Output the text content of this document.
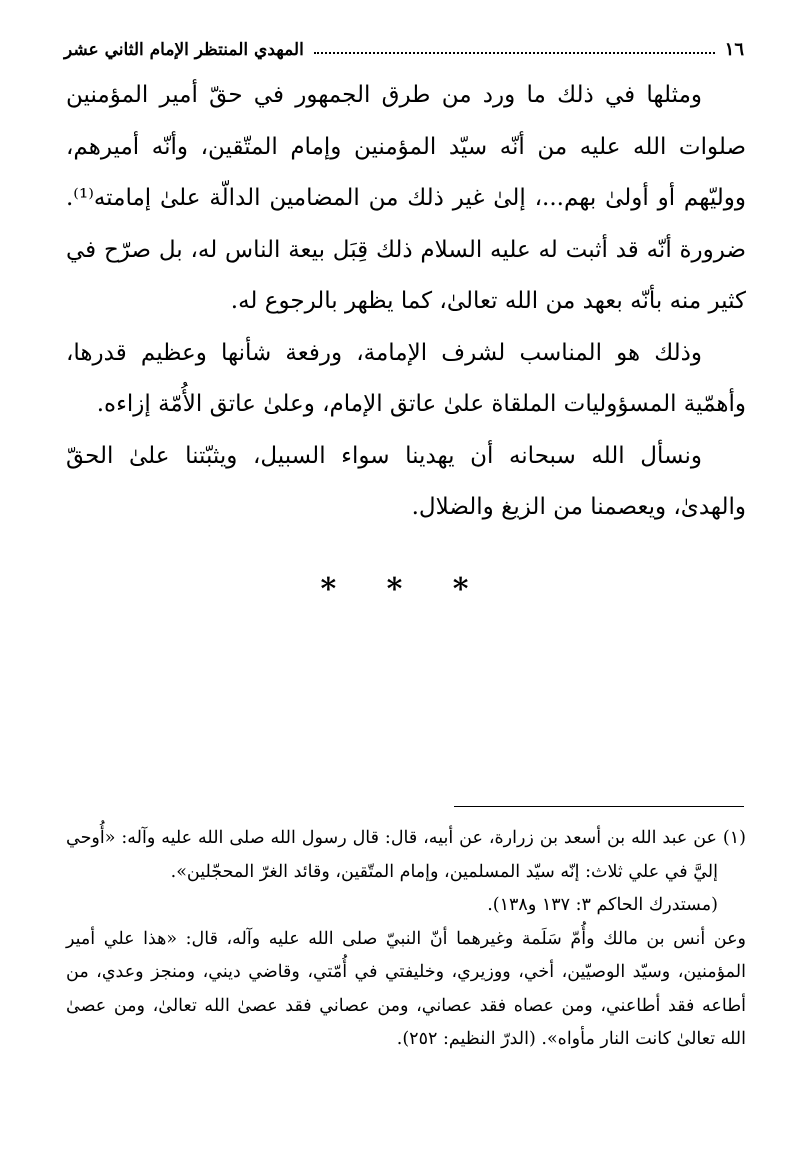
١٦
المهدي المنتظر الإمام الثاني عشر

ومثلها في ذلك ما ورد من طرق الجمهور في حقّ أمير المؤمنين صلوات الله عليه من أنّه سيّد المؤمنين وإمام المتّقين، وأنّه أميرهم، ووليّهم أو أولىٰ بهم...، إلىٰ غير ذلك من المضامين الدالّة علىٰ إمامته⁽¹⁾. ضرورة أنّه قد أثبت له عليه السلام ذلك قِبَل بيعة الناس له، بل صرّح في كثير منه بأنّه بعهد من الله تعالىٰ، كما يظهر بالرجوع له.

وذلك هو المناسب لشرف الإمامة، ورفعة شأنها وعظيم قدرها، وأهمّية المسؤوليات الملقاة علىٰ عاتق الإمام، وعلىٰ عاتق الأُمّة إزاءه.

ونسأل الله سبحانه أن يهدينا سواء السبيل، ويثبّتنا علىٰ الحقّ والهدىٰ، ويعصمنا من الزيغ والضلال.

* * *

(١) عن عبد الله بن أسعد بن زرارة، عن أبيه، قال: قال رسول الله صلى الله عليه وآله: «أُوحي إليَّ في علي ثلاث: إنّه سيّد المسلمين، وإمام المتّقين، وقائد الغرّ المحجّلين».

(مستدرك الحاكم ٣: ١٣٧ و١٣٨).

وعن أنس بن مالك وأُمّ سَلَمة وغيرهما أنّ النبيّ صلى الله عليه وآله، قال: «هذا علي أمير المؤمنين، وسيّد الوصيّين، أخي، ووزيري، وخليفتي في أُمّتي، وقاضي ديني، ومنجز وعدي، من أطاعه فقد أطاعني، ومن عصاه فقد عصاني، ومن عصاني فقد عصىٰ الله تعالىٰ، ومن عصىٰ الله تعالىٰ كانت النار مأواه». (الدرّ النظيم: ٢٥٢).
